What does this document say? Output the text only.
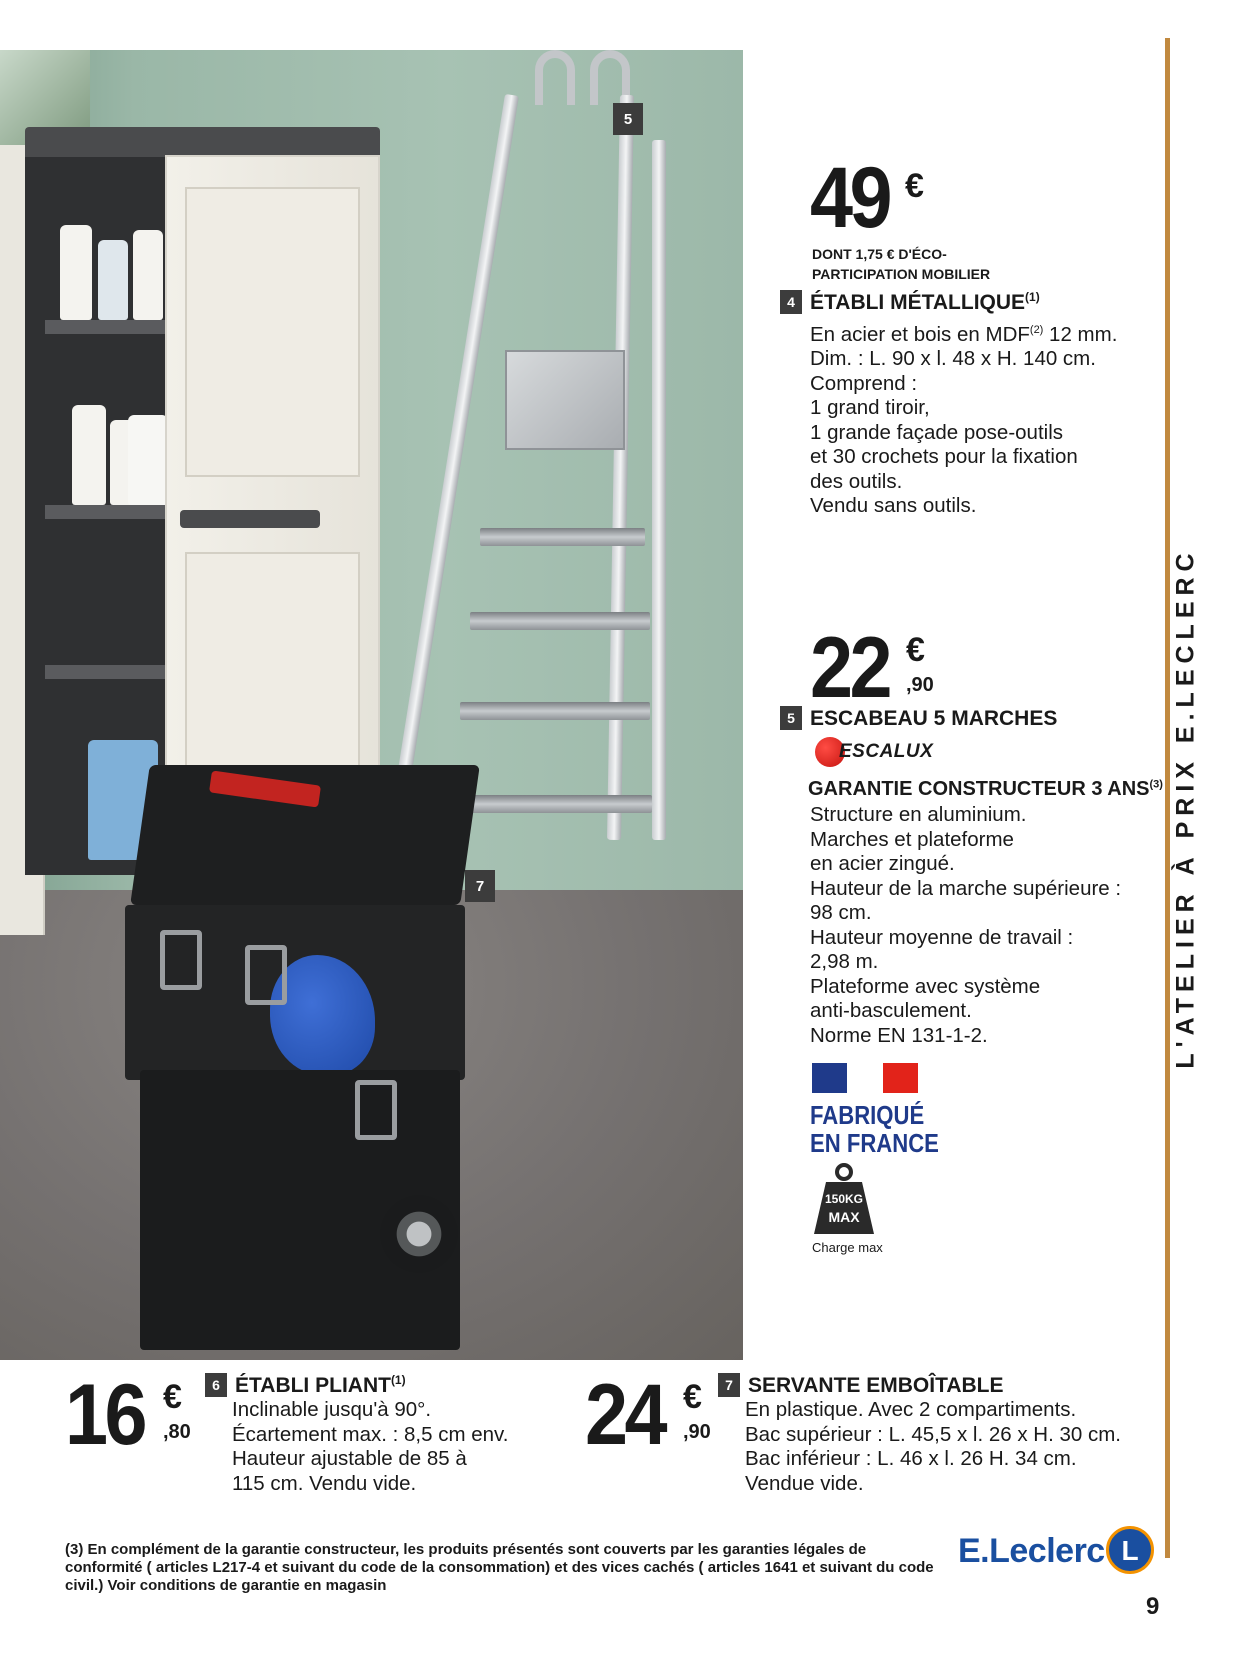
5
7	L'ATELIER À PRIX E.LECLERC
49 €
DONT 1,75 € D'ÉCO-
PARTICIPATION MOBILIER
4 ÉTABLI MÉTALLIQUE$^{(1)}$
En acier et bois en MDF$^{(2)}$ 12 mm.
Dim. : L. 90 x l. 48 x H. 140 cm.
Comprend :
1 grand tiroir,
1 grande façade pose-outils
et 30 crochets pour la fixation
des outils.
Vendu sans outils.
22 €
,90
5 ESCABEAU 5 MARCHES
ESCALUX
GARANTIE CONSTRUCTEUR 3 ANS$^{(3)}$
Structure en aluminium.
Marches et plateforme
en acier zingué.
Hauteur de la marche supérieure :
98 cm.
Hauteur moyenne de travail :
2,98 m.
Plateforme avec système
anti-basculement.
Norme EN 131-1-2.
FABRIQUÉ
EN FRANCE
150KG
MAX
Charge max
16 €
,80
6 ÉTABLI PLIANT$^{(1)}$
Inclinable jusqu'à 90°.
Écartement max. : 8,5 cm env.
Hauteur ajustable de 85 à
115 cm. Vendu vide.
24 €
,90
7 SERVANTE EMBOÎTABLE
En plastique. Avec 2 compartiments.
Bac supérieur : L. 45,5 x l. 26 x H. 30 cm.
Bac inférieur : L. 46 x l. 26 H. 34 cm.
Vendue vide.
(3) En complément de la garantie constructeur, les produits présentés sont couverts par les garanties légales de conformité ( articles L217-4 et suivant du code de la consommation) et des vices cachés ( articles 1641 et suivant du code civil.) Voir conditions de garantie en magasin
E.Leclerc L
9
